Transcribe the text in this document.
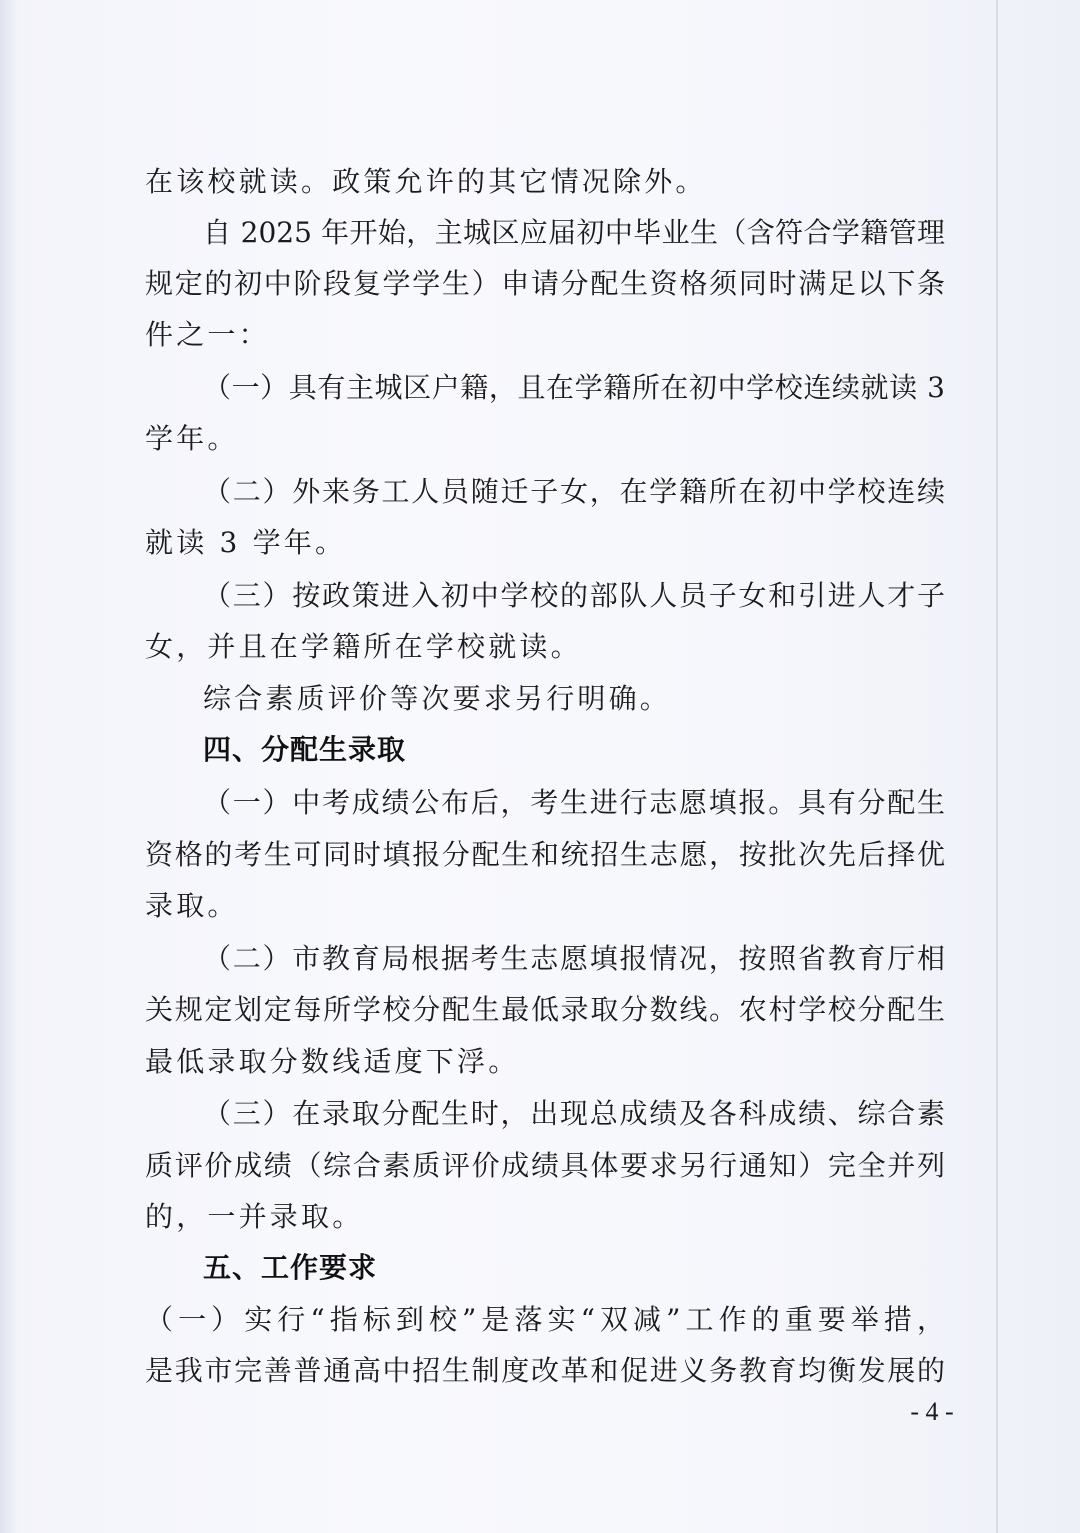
在该校就读。政策允许的其它情况除外。
自 2025 年开始，主城区应届初中毕业生（含符合学籍管理
规定的初中阶段复学学生）申请分配生资格须同时满足以下条
件之一：
（一）具有主城区户籍，且在学籍所在初中学校连续就读 3
学年。
（二）外来务工人员随迁子女，在学籍所在初中学校连续
就读 3 学年。
（三）按政策进入初中学校的部队人员子女和引进人才子
女，并且在学籍所在学校就读。
综合素质评价等次要求另行明确。
四、分配生录取
（一）中考成绩公布后，考生进行志愿填报。具有分配生
资格的考生可同时填报分配生和统招生志愿，按批次先后择优
录取。
（二）市教育局根据考生志愿填报情况，按照省教育厅相
关规定划定每所学校分配生最低录取分数线。农村学校分配生
最低录取分数线适度下浮。
（三）在录取分配生时，出现总成绩及各科成绩、综合素
质评价成绩（综合素质评价成绩具体要求另行通知）完全并列
的，一并录取。
五、工作要求
（一）实行“指标到校”是落实“双减”工作的重要举措，
是我市完善普通高中招生制度改革和促进义务教育均衡发展的
- 4 -
